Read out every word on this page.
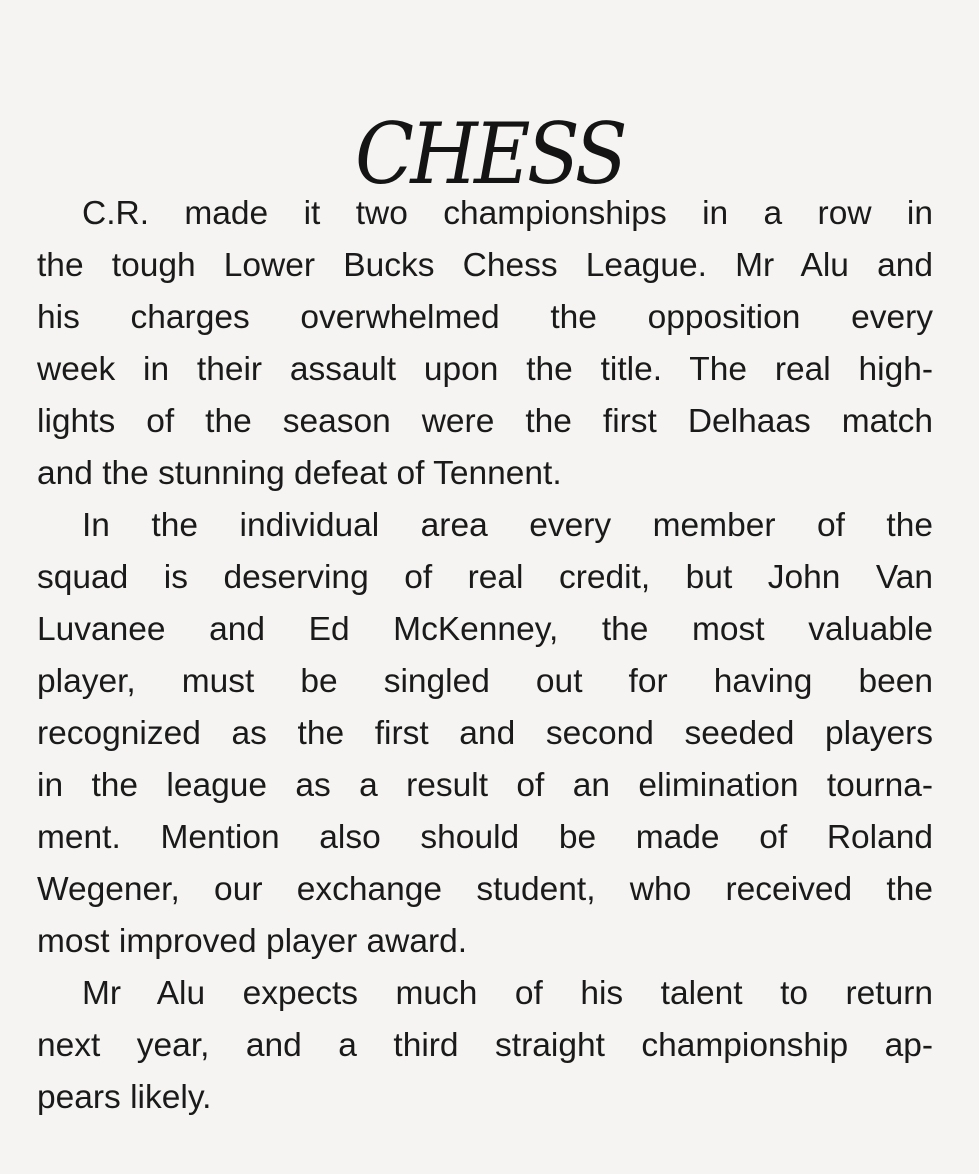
CHESS
C.R. made it two championships in a row in
the tough Lower Bucks Chess League. Mr Alu and
his charges overwhelmed the opposition every
week in their assault upon the title. The real high-
lights of the season were the first Delhaas match
and the stunning defeat of Tennent.
In the individual area every member of the
squad is deserving of real credit, but John Van
Luvanee and Ed McKenney, the most valuable
player, must be singled out for having been
recognized as the first and second seeded players
in the league as a result of an elimination tourna-
ment. Mention also should be made of Roland
Wegener, our exchange student, who received the
most improved player award.
Mr Alu expects much of his talent to return
next year, and a third straight championship ap-
pears likely.
